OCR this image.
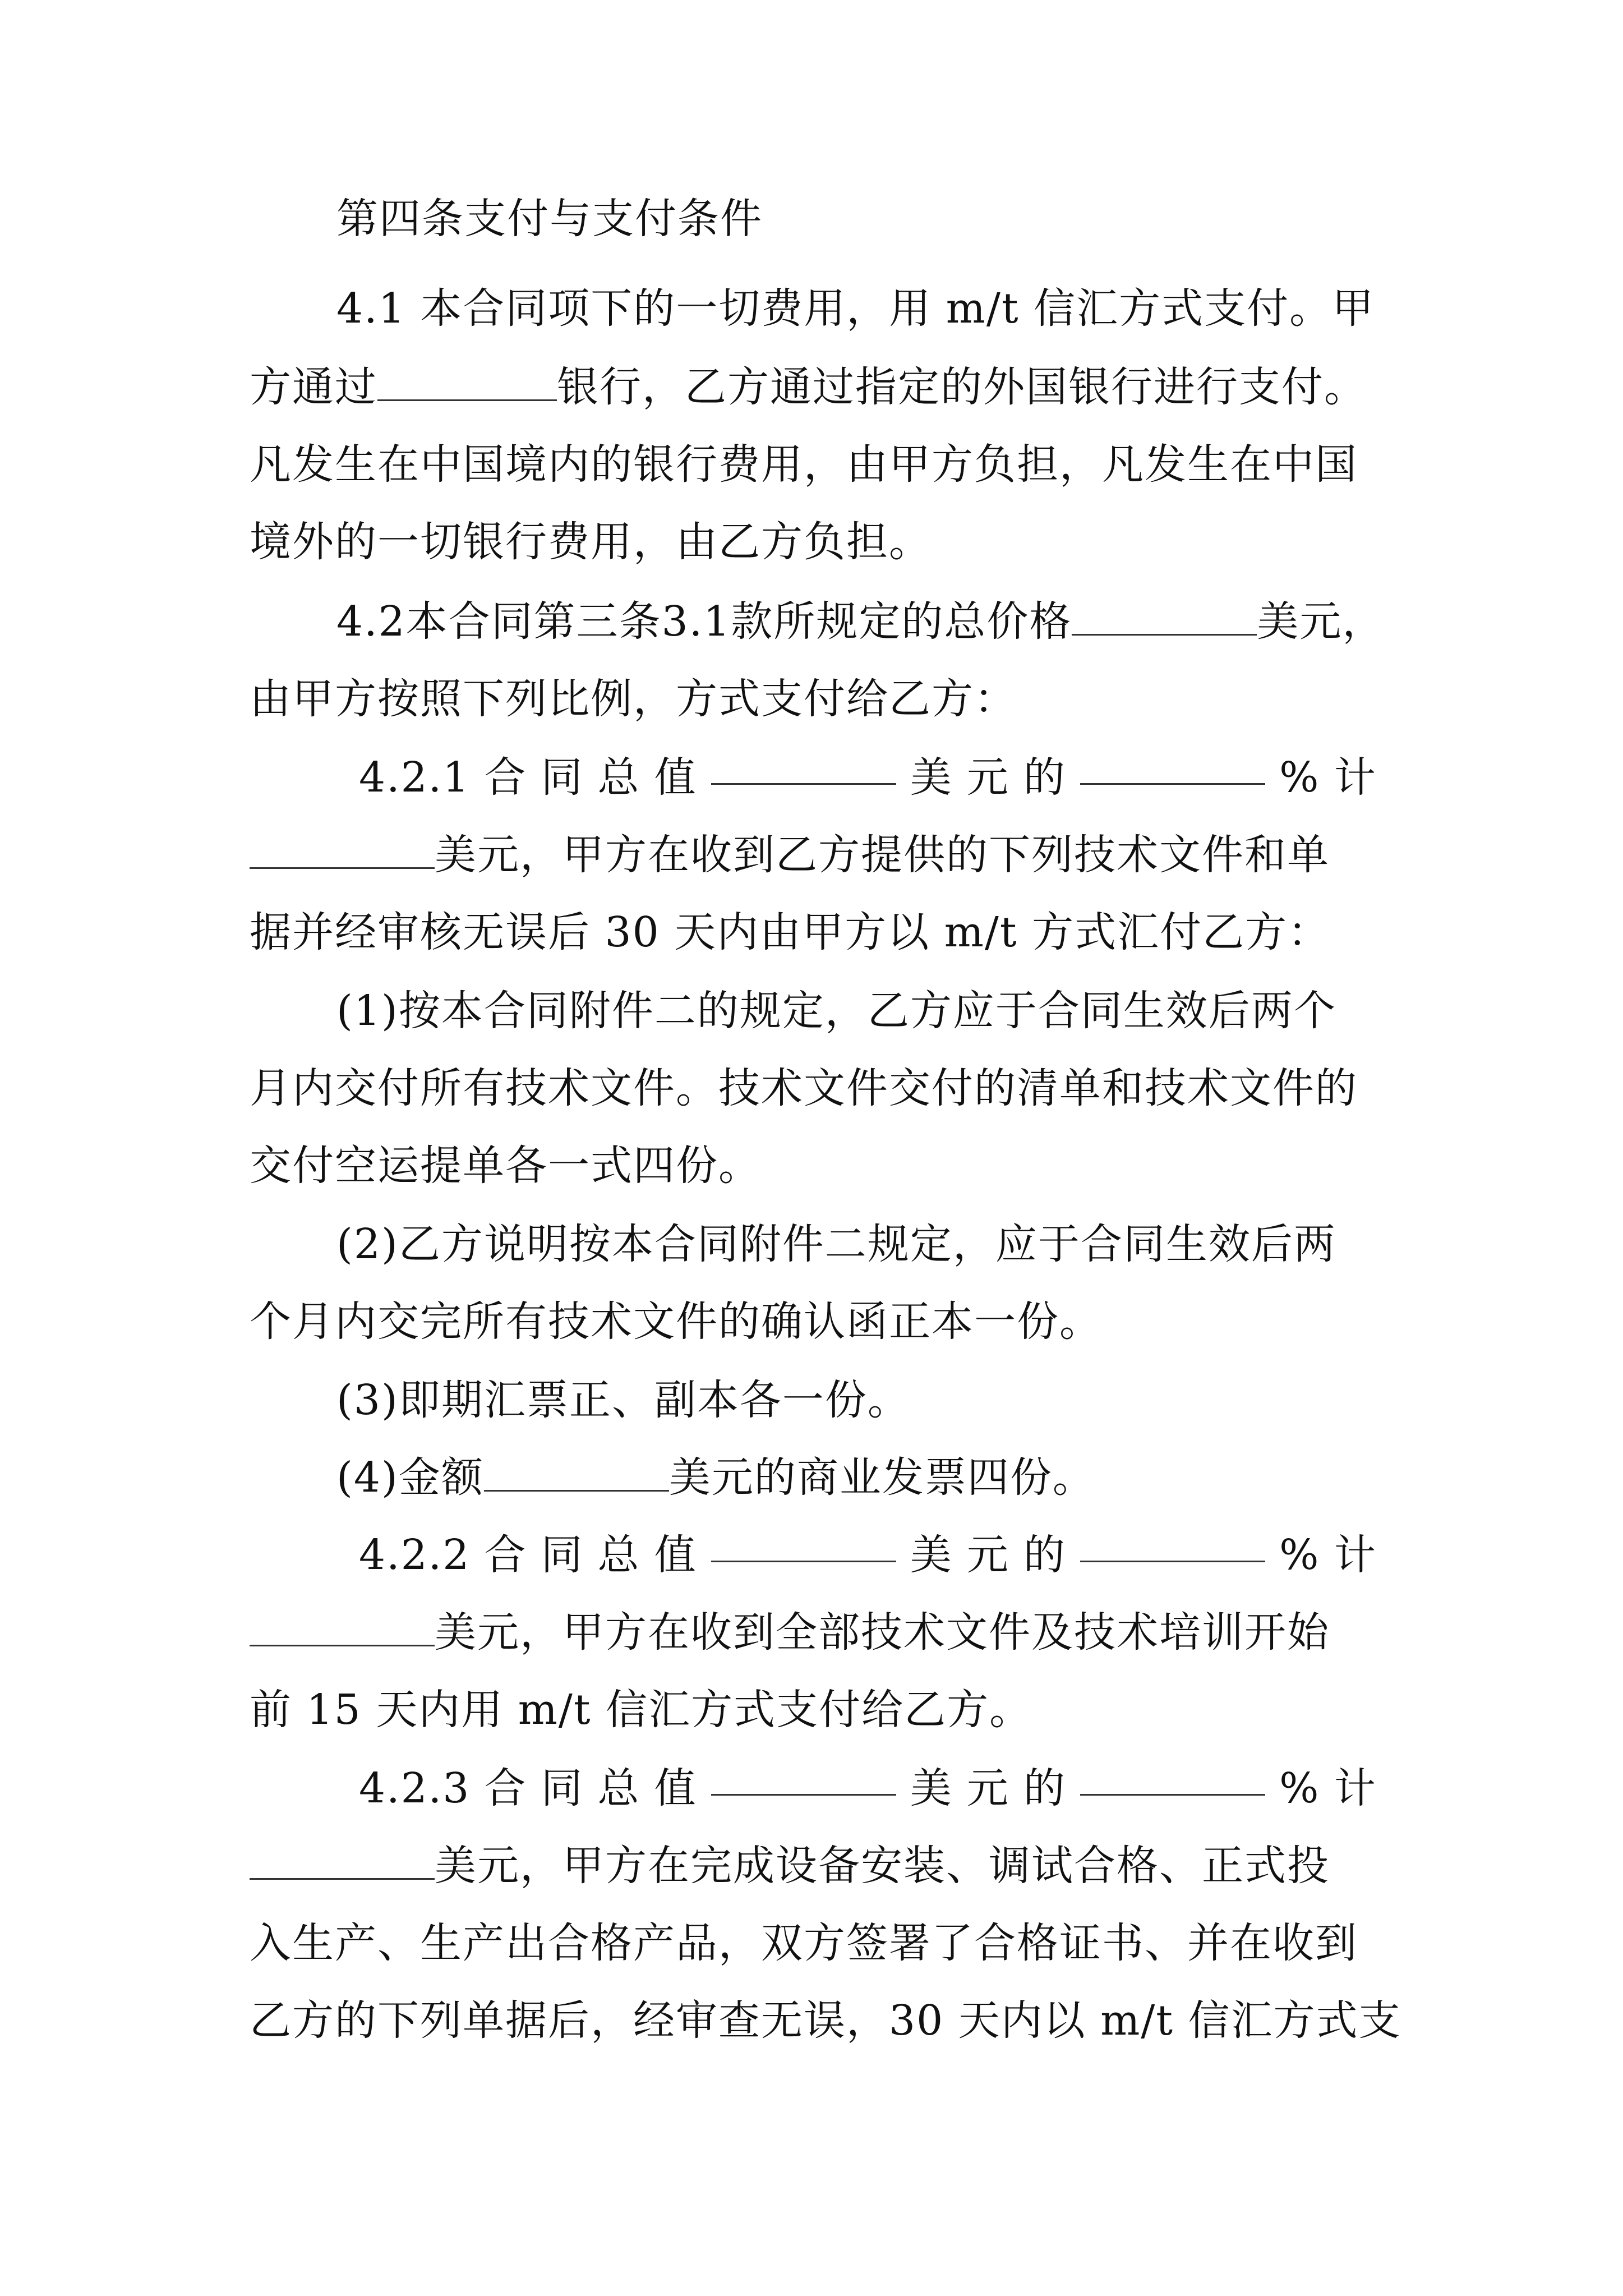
第四条支付与支付条件
4.1 本合同项下的一切费用，用 m/t 信汇方式支付。甲
方通过	银行，乙方通过指定的外国银行进行支付。
凡发生在中国境内的银行费用，由甲方负担，凡发生在中国
境外的一切银行费用，由乙方负担。
4.2本合同第三条3.1款所规定的总价格	美元，
由甲方按照下列比例，方式支付给乙方：
4.2.1 合 同 总 值	美 元 的	% 计
美元，甲方在收到乙方提供的下列技术文件和单
据并经审核无误后 30 天内由甲方以 m/t 方式汇付乙方：
(1)按本合同附件二的规定，乙方应于合同生效后两个
月内交付所有技术文件。技术文件交付的清单和技术文件的
交付空运提单各一式四份。
(2)乙方说明按本合同附件二规定，应于合同生效后两
个月内交完所有技术文件的确认函正本一份。
(3)即期汇票正、副本各一份。
(4)金额	美元的商业发票四份。
4.2.2 合 同 总 值	美 元 的	% 计
美元，甲方在收到全部技术文件及技术培训开始
前 15 天内用 m/t 信汇方式支付给乙方。
4.2.3 合 同 总 值	美 元 的	% 计
美元，甲方在完成设备安装、调试合格、正式投
入生产、生产出合格产品，双方签署了合格证书、并在收到
乙方的下列单据后，经审查无误，30 天内以 m/t 信汇方式支
